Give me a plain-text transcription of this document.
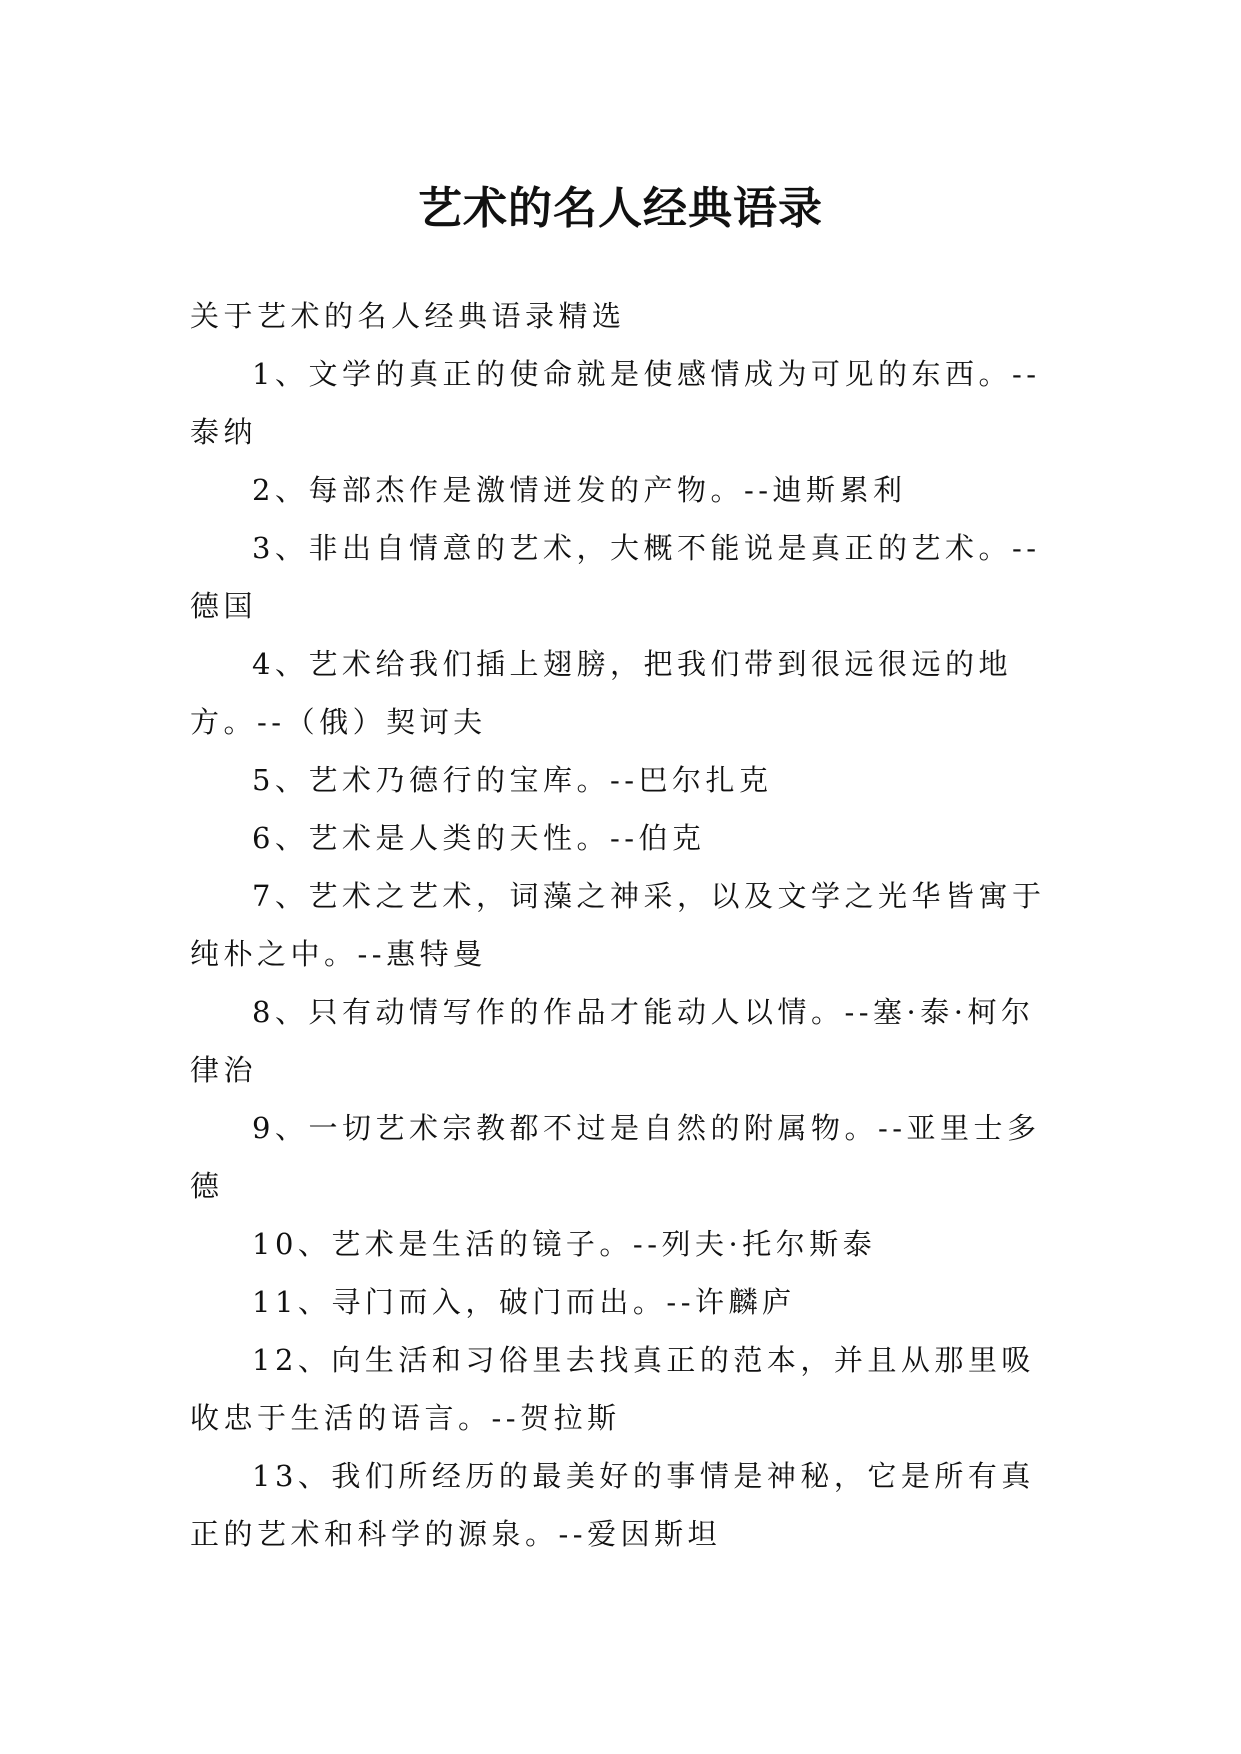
艺术的名人经典语录

关于艺术的名人经典语录精选

1、文学的真正的使命就是使感情成为可见的东西。--泰纳

2、每部杰作是激情迸发的产物。--迪斯累利

3、非出自情意的艺术，大概不能说是真正的艺术。--德国

4、艺术给我们插上翅膀，把我们带到很远很远的地方。--（俄）契诃夫

5、艺术乃德行的宝库。--巴尔扎克

6、艺术是人类的天性。--伯克

7、艺术之艺术，词藻之神采，以及文学之光华皆寓于纯朴之中。--惠特曼

8、只有动情写作的作品才能动人以情。--塞·泰·柯尔律治

9、一切艺术宗教都不过是自然的附属物。--亚里士多德

10、艺术是生活的镜子。--列夫·托尔斯泰

11、寻门而入，破门而出。--许麟庐

12、向生活和习俗里去找真正的范本，并且从那里吸收忠于生活的语言。--贺拉斯

13、我们所经历的最美好的事情是神秘，它是所有真正的艺术和科学的源泉。--爱因斯坦
